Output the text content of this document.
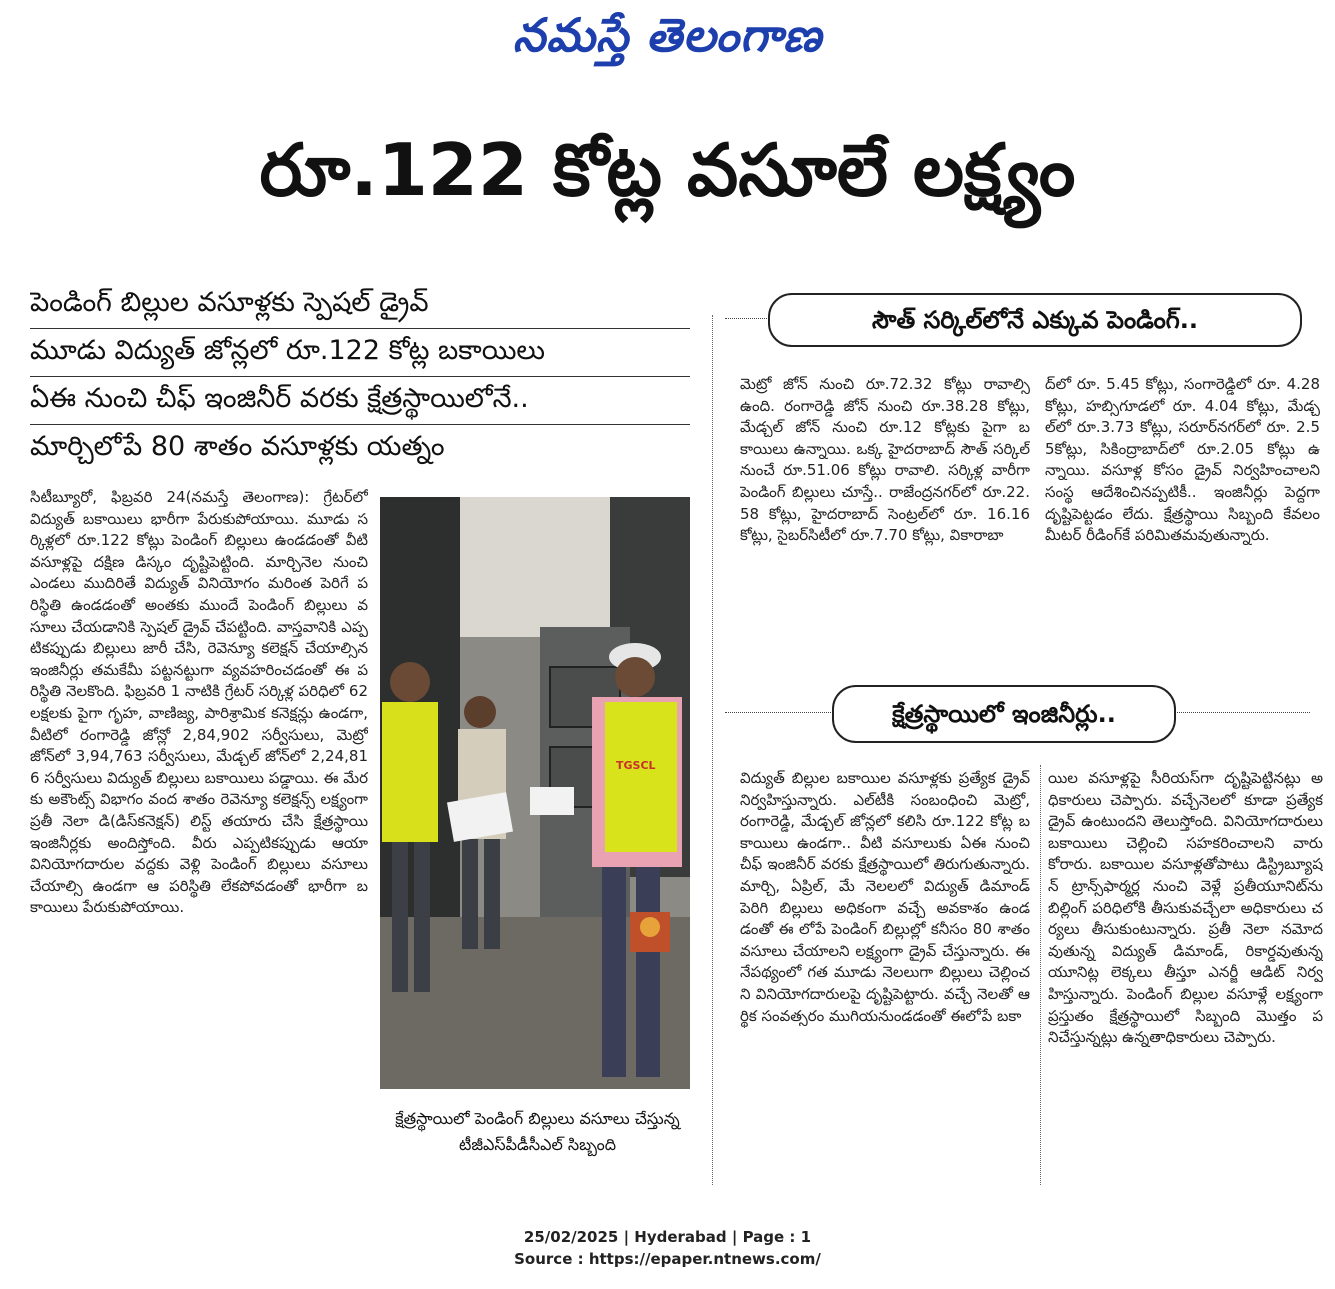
నమస్తే తెలంగాణ
రూ.122 కోట్ల వసూలే లక్ష్యం
పెండింగ్ బిల్లుల వసూళ్లకు స్పెషల్ డ్రైవ్
మూడు విద్యుత్ జోన్లలో రూ.122 కోట్ల బకాయిలు
ఏఈ నుంచి చీఫ్ ఇంజినీర్ వరకు క్షేత్రస్థాయిలోనే..
మార్చిలోపే 80 శాతం వసూళ్లకు యత్నం
సిటీబ్యూరో, ఫిబ్రవరి 24(నమస్తే తెలంగాణ): గ్రేటర్‌లో విద్యుత్ బకాయిలు భారీగా పేరుకుపోయాయి. మూడు సర్కిళ్లలో రూ.122 కోట్లు పెండింగ్ బిల్లులు ఉండడంతో వీటి వసూళ్లపై దక్షిణ డిస్కం దృష్టిపెట్టింది. మార్చినెల నుంచి ఎండలు ముదిరితే విద్యుత్ వినియోగం మరింత పెరిగే పరిస్థితి ఉండడంతో అంతకు ముందే పెండింగ్ బిల్లులు వసూలు చేయడానికి స్పెషల్ డ్రైవ్ చేపట్టింది. వాస్తవానికి ఎప్పటికప్పుడు బిల్లులు జారీ చేసి, రెవెన్యూ కలెక్షన్ చేయాల్సిన ఇంజినీర్లు తమకేమీ పట్టనట్టుగా వ్యవహరించడంతో ఈ పరిస్థితి నెలకొంది. ఫిబ్రవరి 1 నాటికి గ్రేటర్ సర్కిళ్ల పరిధిలో 62 లక్షలకు పైగా గృహ, వాణిజ్య, పారిశ్రామిక కనెక్షన్లు ఉండగా, వీటిలో రంగారెడ్డి జోన్లో 2,84,902 సర్వీసులు, మెట్రో జోన్‌లో 3,94,763 సర్వీసులు, మేడ్చల్ జోన్‌లో 2,24,816 సర్వీసులు విద్యుత్ బిల్లులు బకాయిలు పడ్డాయి. ఈ మేరకు అకౌంట్స్ విభాగం వంద శాతం రెవెన్యూ కలెక్షన్స్ లక్ష్యంగా ప్రతీ నెలా డి(డిస్‌కనెక్షన్) లిస్ట్ తయారు చేసి క్షేత్రస్థాయి ఇంజినీర్లకు అందిస్తోంది. వీరు ఎప్పటికప్పుడు ఆయా వినియోగదారుల వద్దకు వెళ్లి పెండింగ్ బిల్లులు వసూలు చేయాల్సి ఉండగా ఆ పరిస్థితి లేకపోవడంతో భారీగా బకాయిలు పేరుకుపోయాయి.
TGSCL
క్షేత్రస్థాయిలో పెండింగ్ బిల్లులు వసూలు చేస్తున్న టీజీఎస్‌పీడీసీఎల్ సిబ్బంది
సౌత్ సర్కిల్‌లోనే ఎక్కువ పెండింగ్..
మెట్రో జోన్ నుంచి రూ.72.32 కోట్లు రావాల్సి ఉంది. రంగారెడ్డి జోన్ నుంచి రూ.38.28 కోట్లు, మేడ్చల్ జోన్ నుంచి రూ.12 కోట్లకు పైగా బకాయిలు ఉన్నాయి. ఒక్క హైదరాబాద్ సౌత్ సర్కిల్ నుంచే రూ.51.06 కోట్లు రావాలి. సర్కిళ్ల వారీగా పెండింగ్ బిల్లులు చూస్తే.. రాజేంద్రనగర్‌లో రూ.22.58 కోట్లు, హైదరాబాద్ సెంట్రల్‌లో రూ. 16.16 కోట్లు, సైబర్‌సిటీలో రూ.7.70 కోట్లు, వికారాబా
ద్‌లో రూ. 5.45 కోట్లు, సంగారెడ్డిలో రూ. 4.28 కోట్లు, హబ్సిగూడలో రూ. 4.04 కోట్లు, మేడ్చల్‌లో రూ.3.73 కోట్లు, సరూర్‌నగర్‌లో రూ. 2.55కోట్లు, సికింద్రాబాద్‌లో రూ.2.05 కోట్లు ఉన్నాయి. వసూళ్ల కోసం డ్రైవ్ నిర్వహించాలని సంస్థ ఆదేశించినప్పటికీ.. ఇంజినీర్లు పెద్దగా దృష్టిపెట్టడం లేదు. క్షేత్రస్థాయి సిబ్బంది కేవలం మీటర్ రీడింగ్‌కే పరిమితమవుతున్నారు.
క్షేత్రస్థాయిలో ఇంజినీర్లు..
విద్యుత్ బిల్లుల బకాయిల వసూళ్లకు ప్రత్యేక డ్రైవ్ నిర్వహిస్తున్నారు. ఎల్‌టీకి సంబంధించి మెట్రో, రంగారెడ్డి, మేడ్చల్ జోన్లలో కలిసి రూ.122 కోట్ల బకాయిలు ఉండగా.. వీటి వసూలుకు ఏఈ నుంచి చీఫ్ ఇంజినీర్ వరకు క్షేత్రస్థాయిలో తిరుగుతున్నారు. మార్చి, ఏప్రిల్, మే నెలలలో విద్యుత్ డిమాండ్ పెరిగి బిల్లులు అధికంగా వచ్చే అవకాశం ఉండడంతో ఈ లోపే పెండింగ్ బిల్లుల్లో కనీసం 80 శాతం వసూలు చేయాలని లక్ష్యంగా డ్రైవ్ చేస్తున్నారు. ఈ నేపథ్యంలో గత మూడు నెలలుగా బిల్లులు చెల్లించని వినియోగదారులపై దృష్టిపెట్టారు. వచ్చే నెలతో ఆర్థిక సంవత్సరం ముగియనుండడంతో ఈలోపే బకా
యిల వసూళ్లపై సీరియస్‌గా దృష్టిపెట్టినట్లు అధికారులు చెప్పారు. వచ్చేనెలలో కూడా ప్రత్యేక డ్రైవ్ ఉంటుందని తెలుస్తోంది. వినియోగదారులు బకాయిలు చెల్లించి సహకరించాలని వారు కోరారు. బకాయిల వసూళ్లతోపాటు డిస్ట్రిబ్యూషన్ ట్రాన్స్‌ఫార్మర్ల నుంచి వెళ్లే ప్రతీయూనిట్‌ను బిల్లింగ్ పరిధిలోకి తీసుకువచ్చేలా అధికారులు చర్యలు తీసుకుంటున్నారు. ప్రతీ నెలా నమోదవుతున్న విద్యుత్ డిమాండ్, రికార్డవుతున్న యూనిట్ల లెక్కలు తీస్తూ ఎనర్జీ ఆడిట్ నిర్వహిస్తున్నారు. పెండింగ్ బిల్లుల వసూళ్లే లక్ష్యంగా ప్రస్తుతం క్షేత్రస్థాయిలో సిబ్బంది మొత్తం పనిచేస్తున్నట్లు ఉన్నతాధికారులు చెప్పారు.
25/02/2025 | Hyderabad | Page : 1
Source : https://epaper.ntnews.com/
